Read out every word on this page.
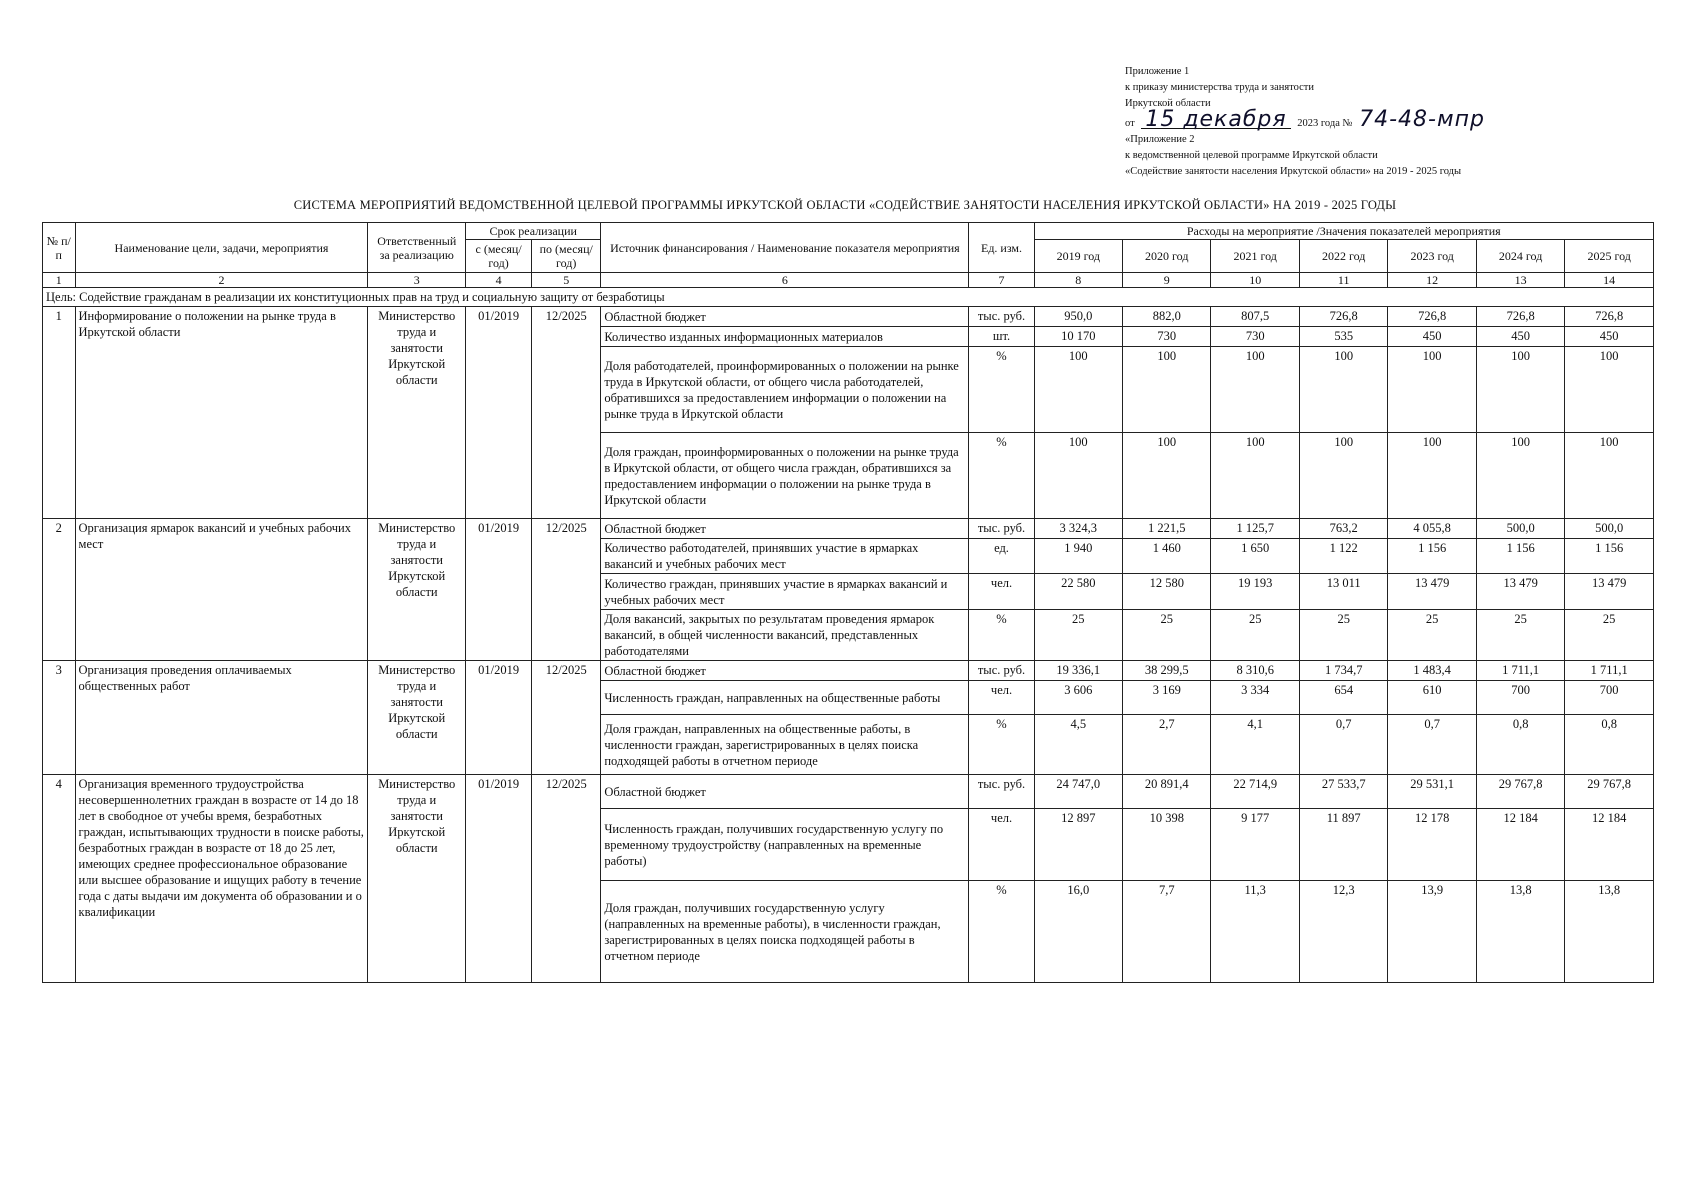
Приложение 1
к приказу министерства труда и занятости
Иркутской области
от 15 декабря 2023 года № 74-48-мпр
«Приложение 2
к ведомственной целевой программе Иркутской области
«Содействие занятости населения Иркутской области» на 2019 - 2025 годы
СИСТЕМА МЕРОПРИЯТИЙ ВЕДОМСТВЕННОЙ ЦЕЛЕВОЙ ПРОГРАММЫ ИРКУТСКОЙ ОБЛАСТИ «СОДЕЙСТВИЕ ЗАНЯТОСТИ НАСЕЛЕНИЯ ИРКУТСКОЙ ОБЛАСТИ» НА 2019 - 2025 ГОДЫ
№ п/п	Наименование цели, задачи, мероприятия	Ответственный за реализацию	Срок реализации		Источник финансирования / Наименование показателя мероприятия	Ед. изм.	Расходы на мероприятие /Значения показателей мероприятия						
			с (месяц/год)	по (месяц/год)			2019 год	2020 год	2021 год	2022 год	2023 год	2024 год	2025 год
1	2	3	4	5	6	7	8	9	10	11	12	13	14
Цель: Содействие гражданам в реализации их конституционных прав на труд и социальную защиту от безработицы													
1	Информирование о положении на рынке труда в Иркутской области	Министерство труда и занятости Иркутской области	01/2019	12/2025	Областной бюджет	тыс. руб.	950,0	882,0	807,5	726,8	726,8	726,8	726,8
					Количество изданных информационных материалов	шт.	10 170	730	730	535	450	450	450
					Доля работодателей, проинформированных о положении на рынке труда в Иркутской области, от общего числа работодателей, обратившихся за предоставлением информации о положении на рынке труда в Иркутской области	%	100	100	100	100	100	100	100
					Доля граждан, проинформированных о положении на рынке труда в Иркутской области, от общего числа граждан, обратившихся за предоставлением информации о положении на рынке труда в Иркутской области	%	100	100	100	100	100	100	100
2	Организация ярмарок вакансий и учебных рабочих мест	Министерство труда и занятости Иркутской области	01/2019	12/2025	Областной бюджет	тыс. руб.	3 324,3	1 221,5	1 125,7	763,2	4 055,8	500,0	500,0
					Количество работодателей, принявших участие в ярмарках вакансий и учебных рабочих мест	ед.	1 940	1 460	1 650	1 122	1 156	1 156	1 156
					Количество граждан, принявших участие в ярмарках вакансий и учебных рабочих мест	чел.	22 580	12 580	19 193	13 011	13 479	13 479	13 479
					Доля вакансий, закрытых по результатам проведения ярмарок вакансий, в общей численности вакансий, представленных работодателями	%	25	25	25	25	25	25	25
3	Организация проведения оплачиваемых общественных работ	Министерство труда и занятости Иркутской области	01/2019	12/2025	Областной бюджет	тыс. руб.	19 336,1	38 299,5	8 310,6	1 734,7	1 483,4	1 711,1	1 711,1
					Численность граждан, направленных на общественные работы	чел.	3 606	3 169	3 334	654	610	700	700
					Доля граждан, направленных на общественные работы, в численности граждан, зарегистрированных в целях поиска подходящей работы в отчетном периоде	%	4,5	2,7	4,1	0,7	0,7	0,8	0,8
4	Организация временного трудоустройства несовершеннолетних граждан в возрасте от 14 до 18 лет в свободное от учебы время, безработных граждан, испытывающих трудности в поиске работы, безработных граждан в возрасте от 18 до 25 лет, имеющих среднее профессиональное образование или высшее образование и ищущих работу в течение года с даты выдачи им документа об образовании и о квалификации	Министерство труда и занятости Иркутской области	01/2019	12/2025	Областной бюджет	тыс. руб.	24 747,0	20 891,4	22 714,9	27 533,7	29 531,1	29 767,8	29 767,8
					Численность граждан, получивших государственную услугу по временному трудоустройству (направленных на временные работы)	чел.	12 897	10 398	9 177	11 897	12 178	12 184	12 184
					Доля граждан, получивших государственную услугу (направленных на временные работы), в численности граждан, зарегистрированных в целях поиска подходящей работы в отчетном периоде	%	16,0	7,7	11,3	12,3	13,9	13,8	13,8
